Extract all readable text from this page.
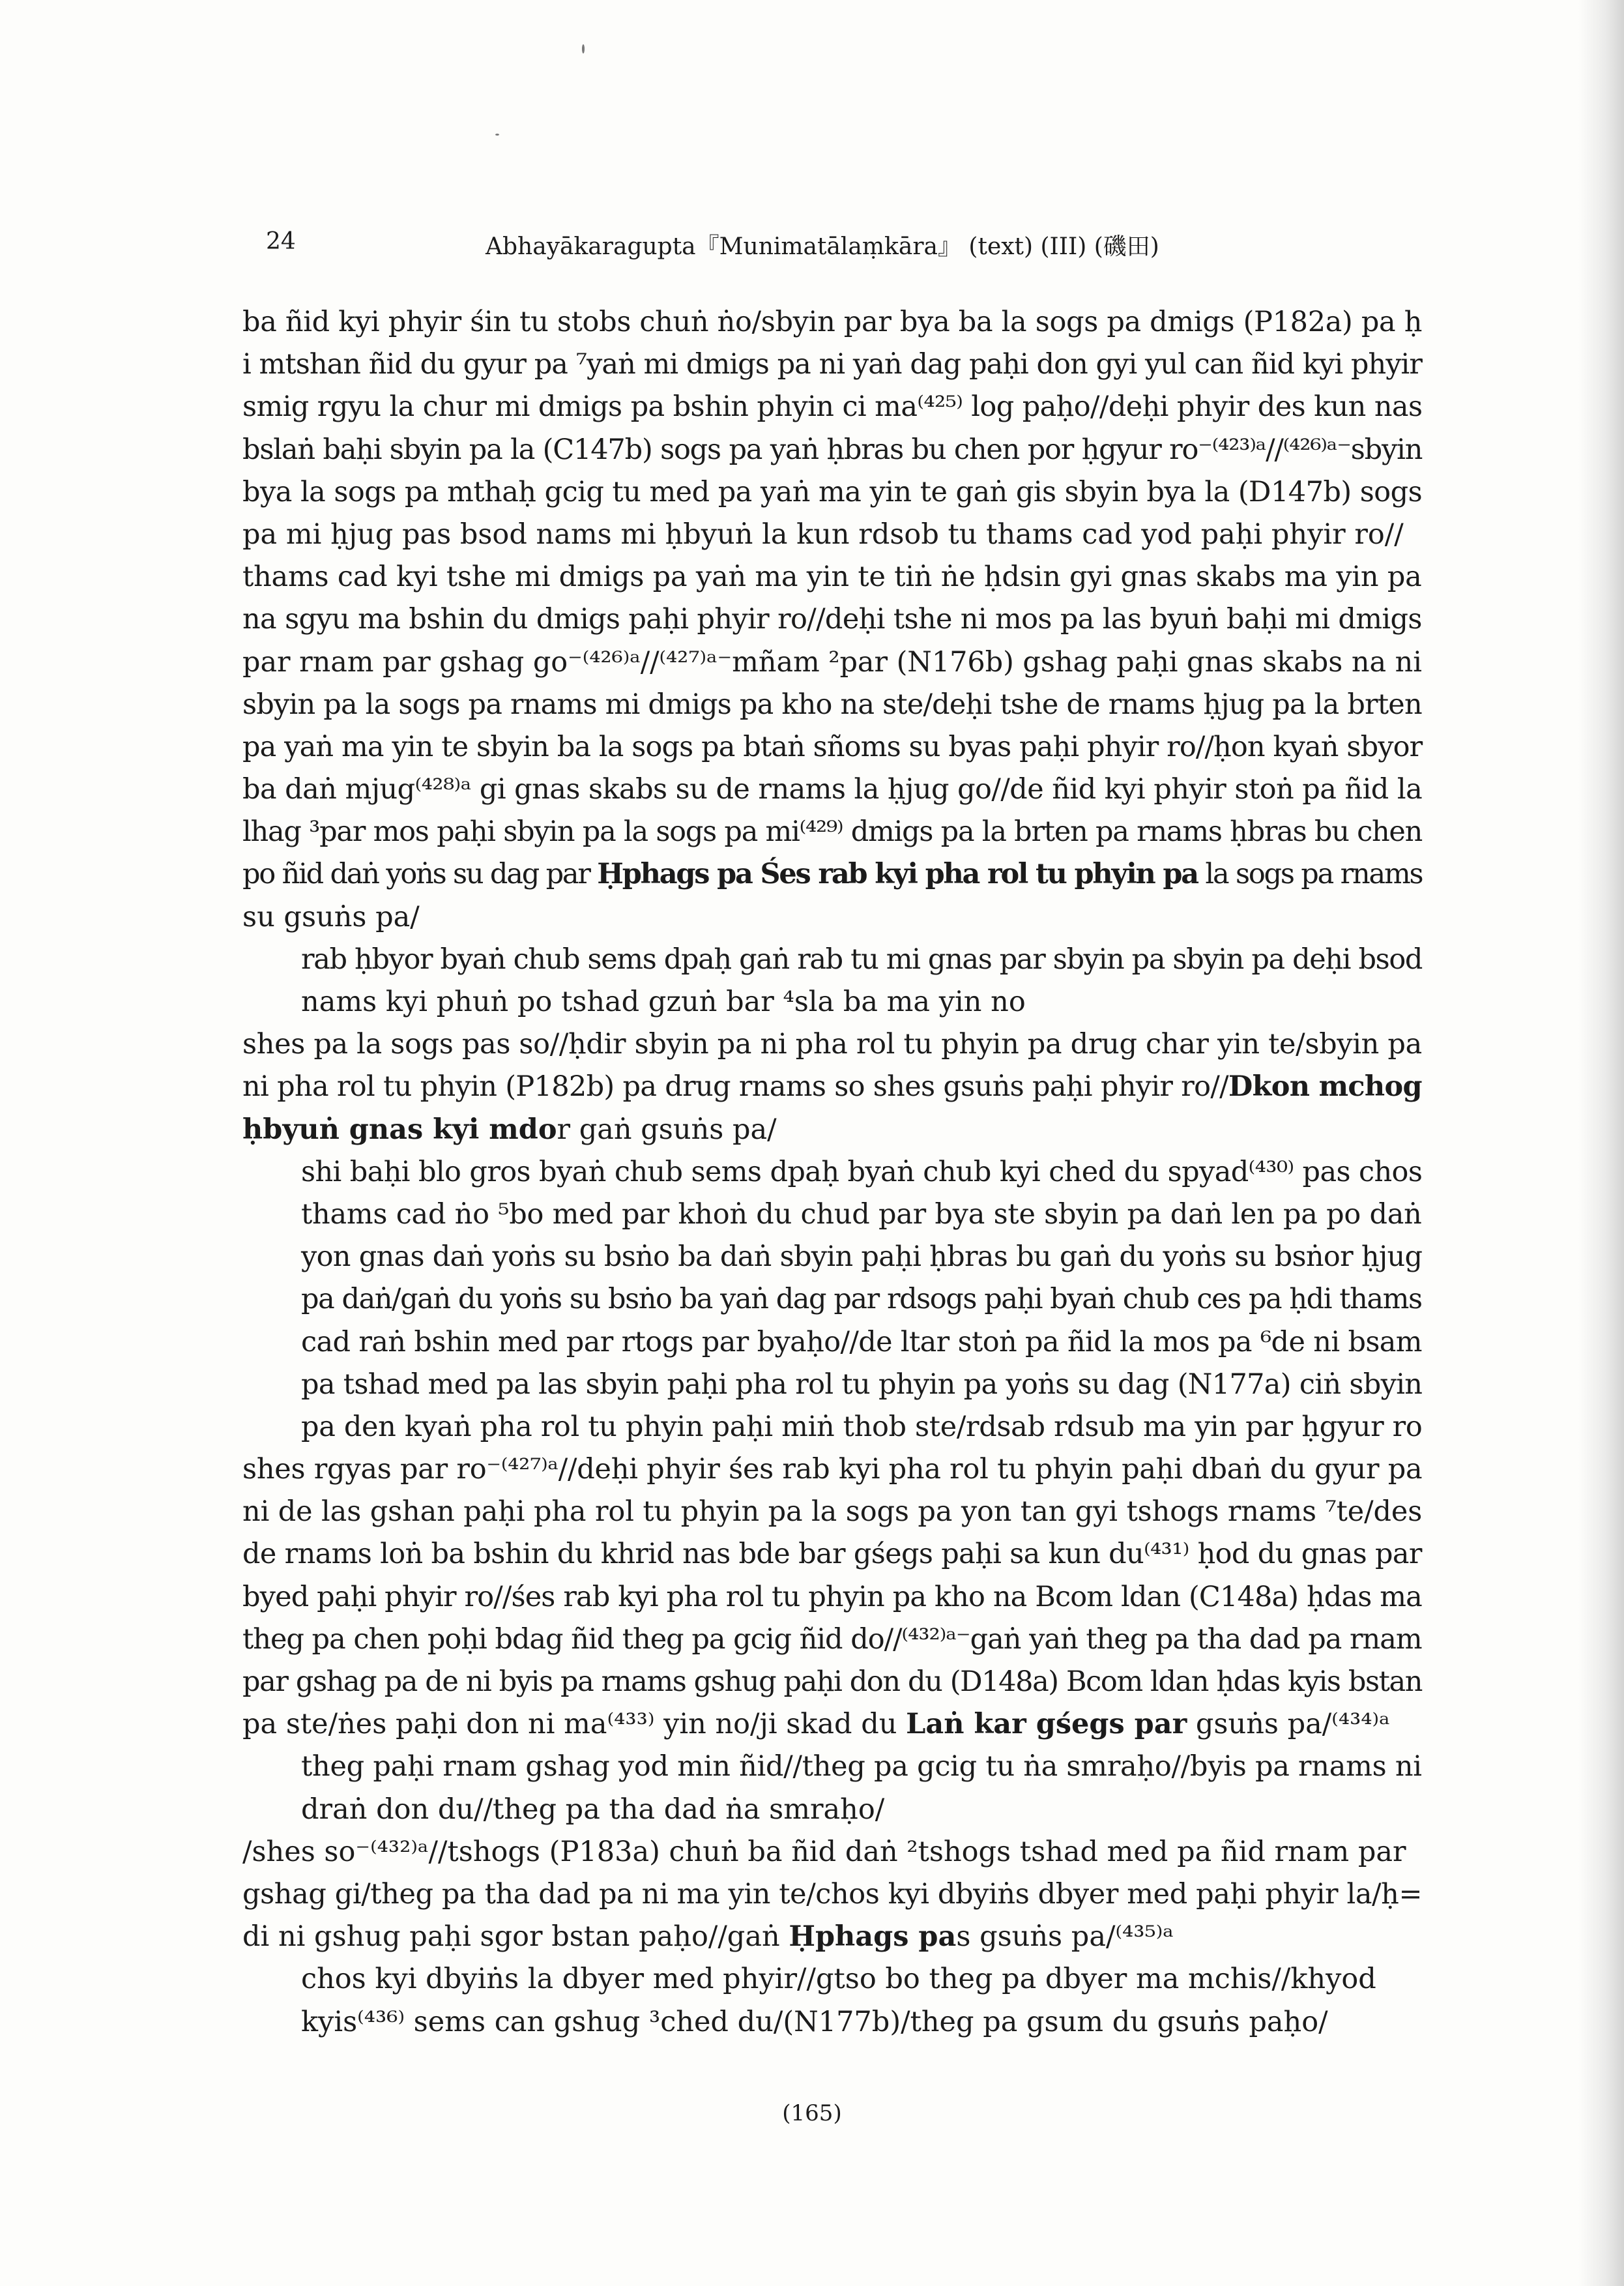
24	Abhayākaragupta『Munimatālaṃkāra』 (text) (III) (磯田)
ba ñid kyi phyir śin tu stobs chuṅ ṅo/sbyin par bya ba la sogs pa dmigs (P182a) pa ḥ
i mtshan ñid du gyur pa ⁷yaṅ mi dmigs pa ni yaṅ dag paḥi don gyi yul can ñid kyi phyir
smig rgyu la chur mi dmigs pa bshin phyin ci ma⁽⁴²⁵⁾ log paḥo//deḥi phyir des kun nas
bslaṅ baḥi sbyin pa la (C147b) sogs pa yaṅ ḥbras bu chen por ḥgyur ro⁻⁽⁴²³⁾ᵃ//⁽⁴²⁶⁾ᵃ⁻sbyin
bya la sogs pa mthaḥ gcig tu med pa yaṅ ma yin te gaṅ gis sbyin bya la (D147b) sogs
pa mi ḥjug pas bsod nams mi ḥbyuṅ la kun rdsob tu thams cad yod paḥi phyir ro//
thams cad kyi tshe mi dmigs pa yaṅ ma yin te tiṅ ṅe ḥdsin gyi gnas skabs ma yin pa
na sgyu ma bshin du dmigs paḥi phyir ro//deḥi tshe ni mos pa las byuṅ baḥi mi dmigs
par rnam par gshag go⁻⁽⁴²⁶⁾ᵃ//⁽⁴²⁷⁾ᵃ⁻mñam ²par (N176b) gshag paḥi gnas skabs na ni
sbyin pa la sogs pa rnams mi dmigs pa kho na ste/deḥi tshe de rnams ḥjug pa la brten
pa yaṅ ma yin te sbyin ba la sogs pa btaṅ sñoms su byas paḥi phyir ro//ḥon kyaṅ sbyor
ba daṅ mjug⁽⁴²⁸⁾ᵃ gi gnas skabs su de rnams la ḥjug go//de ñid kyi phyir stoṅ pa ñid la
lhag ³par mos paḥi sbyin pa la sogs pa mi⁽⁴²⁹⁾ dmigs pa la brten pa rnams ḥbras bu chen
po ñid daṅ yoṅs su dag par Ḥphags pa Śes rab kyi pha rol tu phyin pa la sogs pa rnams
su gsuṅs pa/
rab ḥbyor byaṅ chub sems dpaḥ gaṅ rab tu mi gnas par sbyin pa sbyin pa deḥi bsod
nams kyi phuṅ po tshad gzuṅ bar ⁴sla ba ma yin no
shes pa la sogs pas so//ḥdir sbyin pa ni pha rol tu phyin pa drug char yin te/sbyin pa
ni pha rol tu phyin (P182b) pa drug rnams so shes gsuṅs paḥi phyir ro//Dkon mchog
ḥbyuṅ gnas kyi mdor gaṅ gsuṅs pa/
shi baḥi blo gros byaṅ chub sems dpaḥ byaṅ chub kyi ched du spyad⁽⁴³⁰⁾ pas chos
thams cad ṅo ⁵bo med par khoṅ du chud par bya ste sbyin pa daṅ len pa po daṅ
yon gnas daṅ yoṅs su bsṅo ba daṅ sbyin paḥi ḥbras bu gaṅ du yoṅs su bsṅor ḥjug
pa daṅ/gaṅ du yoṅs su bsṅo ba yaṅ dag par rdsogs paḥi byaṅ chub ces pa ḥdi thams
cad raṅ bshin med par rtogs par byaḥo//de ltar stoṅ pa ñid la mos pa ⁶de ni bsam
pa tshad med pa las sbyin paḥi pha rol tu phyin pa yoṅs su dag (N177a) ciṅ sbyin
pa den kyaṅ pha rol tu phyin paḥi miṅ thob ste/rdsab rdsub ma yin par ḥgyur ro
shes rgyas par ro⁻⁽⁴²⁷⁾ᵃ//deḥi phyir śes rab kyi pha rol tu phyin paḥi dbaṅ du gyur pa
ni de las gshan paḥi pha rol tu phyin pa la sogs pa yon tan gyi tshogs rnams ⁷te/des
de rnams loṅ ba bshin du khrid nas bde bar gśegs paḥi sa kun du⁽⁴³¹⁾ ḥod du gnas par
byed paḥi phyir ro//śes rab kyi pha rol tu phyin pa kho na Bcom ldan (C148a) ḥdas ma
theg pa chen poḥi bdag ñid theg pa gcig ñid do//⁽⁴³²⁾ᵃ⁻gaṅ yaṅ theg pa tha dad pa rnam
par gshag pa de ni byis pa rnams gshug paḥi don du (D148a) Bcom ldan ḥdas kyis bstan
pa ste/ṅes paḥi don ni ma⁽⁴³³⁾ yin no/ji skad du Laṅ kar gśegs par gsuṅs pa/⁽⁴³⁴⁾ᵃ
theg paḥi rnam gshag yod min ñid//theg pa gcig tu ṅa smraḥo//byis pa rnams ni
draṅ don du//theg pa tha dad ṅa smraḥo/
/shes so⁻⁽⁴³²⁾ᵃ//tshogs (P183a) chuṅ ba ñid daṅ ²tshogs tshad med pa ñid rnam par
gshag gi/theg pa tha dad pa ni ma yin te/chos kyi dbyiṅs dbyer med paḥi phyir la/ḥ=
di ni gshug paḥi sgor bstan paḥo//gaṅ Ḥphags pas gsuṅs pa/⁽⁴³⁵⁾ᵃ
chos kyi dbyiṅs la dbyer med phyir//gtso bo theg pa dbyer ma mchis//khyod
kyis⁽⁴³⁶⁾ sems can gshug ³ched du/(N177b)/theg pa gsum du gsuṅs paḥo/
(165)
